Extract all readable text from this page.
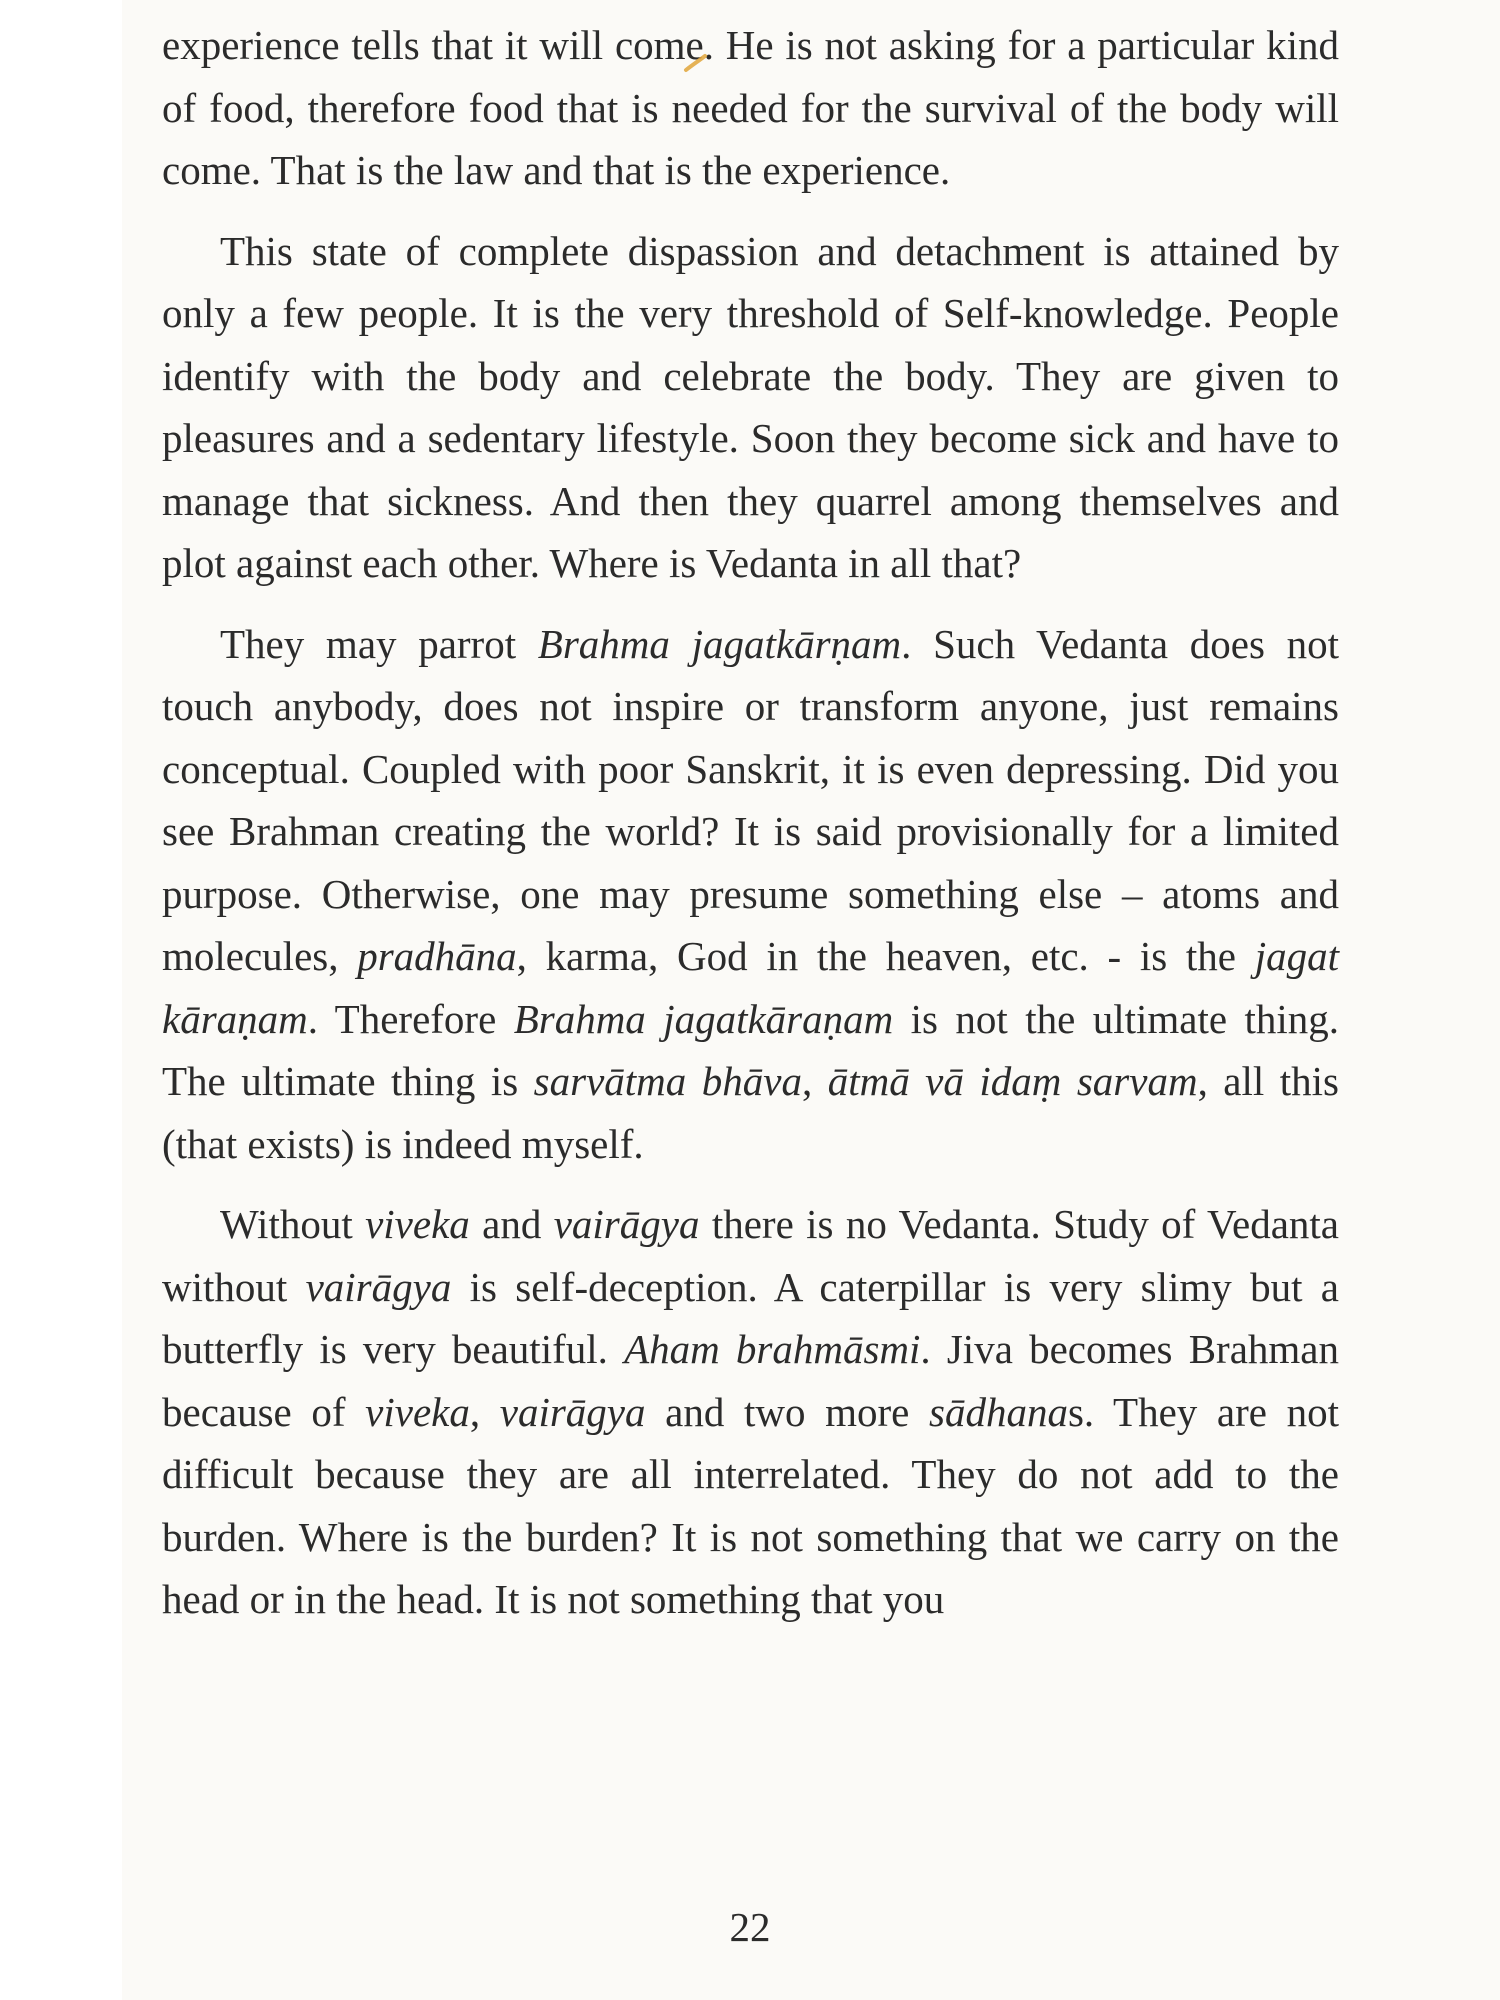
experience tells that it will come. He is not asking for a particular kind of food, therefore food that is needed for the survival of the body will come. That is the law and that is the experience.

This state of complete dispassion and detachment is attained by only a few people. It is the very threshold of Self-knowledge. People identify with the body and celebrate the body. They are given to pleasures and a sedentary lifestyle. Soon they become sick and have to manage that sickness. And then they quarrel among themselves and plot against each other. Where is Vedanta in all that?

They may parrot Brahma jagatkārṇam. Such Vedanta does not touch anybody, does not inspire or transform anyone, just remains conceptual. Coupled with poor Sanskrit, it is even depressing. Did you see Brahman creating the world? It is said provisionally for a limited purpose. Otherwise, one may presume something else – atoms and molecules, pradhāna, karma, God in the heaven, etc. - is the jagat kāraṇam. Therefore Brahma jagatkāraṇam is not the ultimate thing. The ultimate thing is sarvātma bhāva, ātmā vā idaṃ sarvam, all this (that exists) is indeed myself.

Without viveka and vairāgya there is no Vedanta. Study of Vedanta without vairāgya is self-deception. A caterpillar is very slimy but a butterfly is very beautiful. Aham brahmāsmi. Jiva becomes Brahman because of viveka, vairāgya and two more sādhanas. They are not difficult because they are all interrelated. They do not add to the burden. Where is the burden? It is not something that we carry on the head or in the head. It is not something that you

22
